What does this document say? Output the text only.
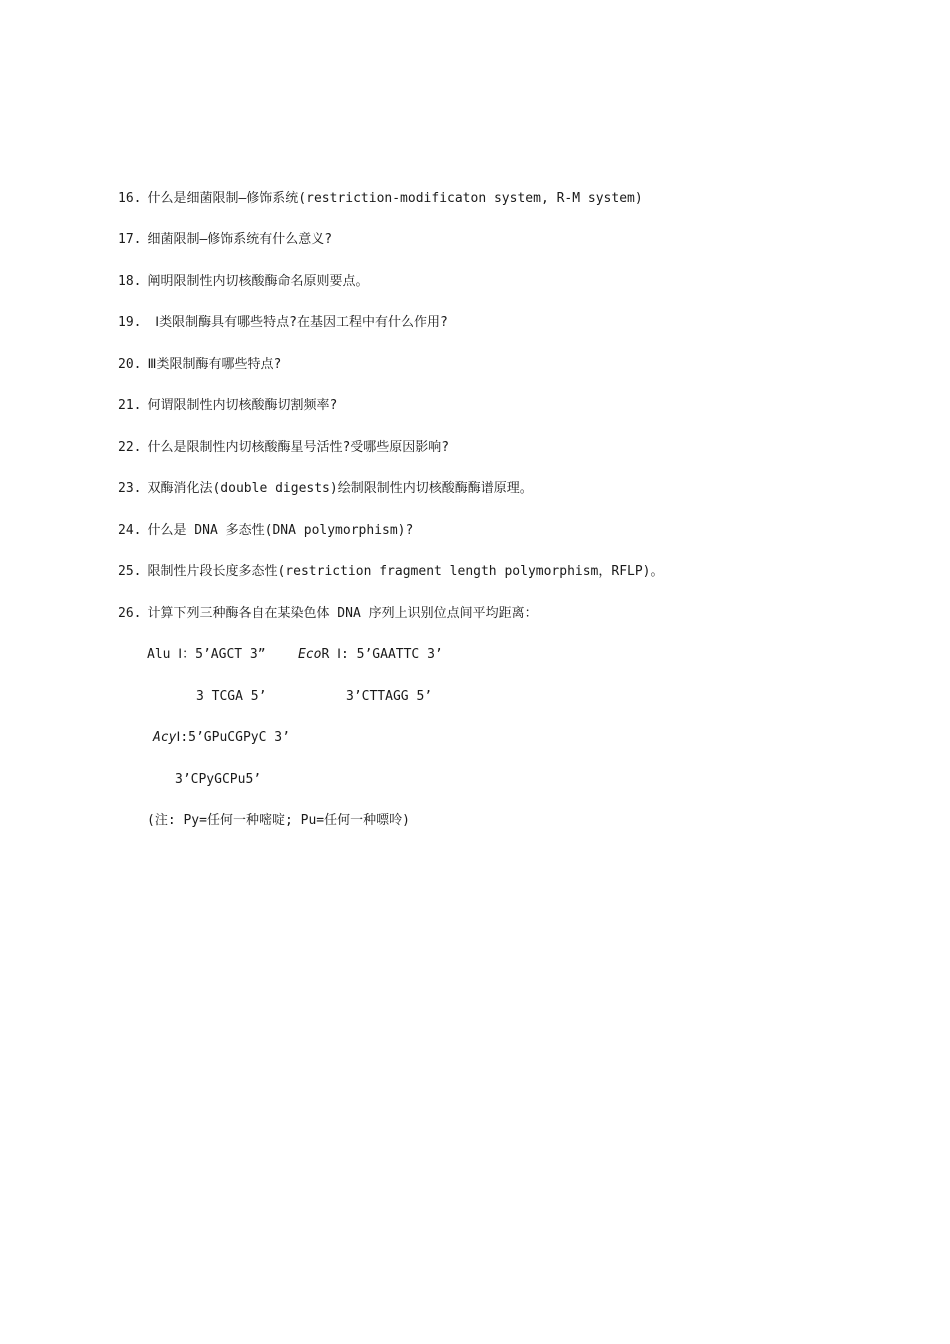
16. 什么是细菌限制—修饰系统(restriction-modificaton system, R-M system)
17. 细菌限制—修饰系统有什么意义?
18. 阐明限制性内切核酸酶命名原则要点。
19. Ⅰ类限制酶具有哪些特点?在基因工程中有什么作用?
20. Ⅲ类限制酶有哪些特点?
21. 何谓限制性内切核酸酶切割频率?
22. 什么是限制性内切核酸酶星号活性?受哪些原因影响?
23. 双酶消化法(double digests)绘制限制性内切核酸酶酶谱原理。
24. 什么是 DNA 多态性(DNA polymorphism)?
25. 限制性片段长度多态性(restriction fragment length polymorphism，RFLP)。
26. 计算下列三种酶各自在某染色体 DNA 序列上识别位点间平均距离：
Alu Ⅰ：5’AGCT 3” EcoR Ⅰ: 5’GAATTC 3’
3 TCGA 5’	3’CTTAGG 5’
AcyⅠ:5’GPuCGPyC 3’
3’CPyGCPu5’
(注: Py=任何一种嘧啶; Pu=任何一种嘌呤)
